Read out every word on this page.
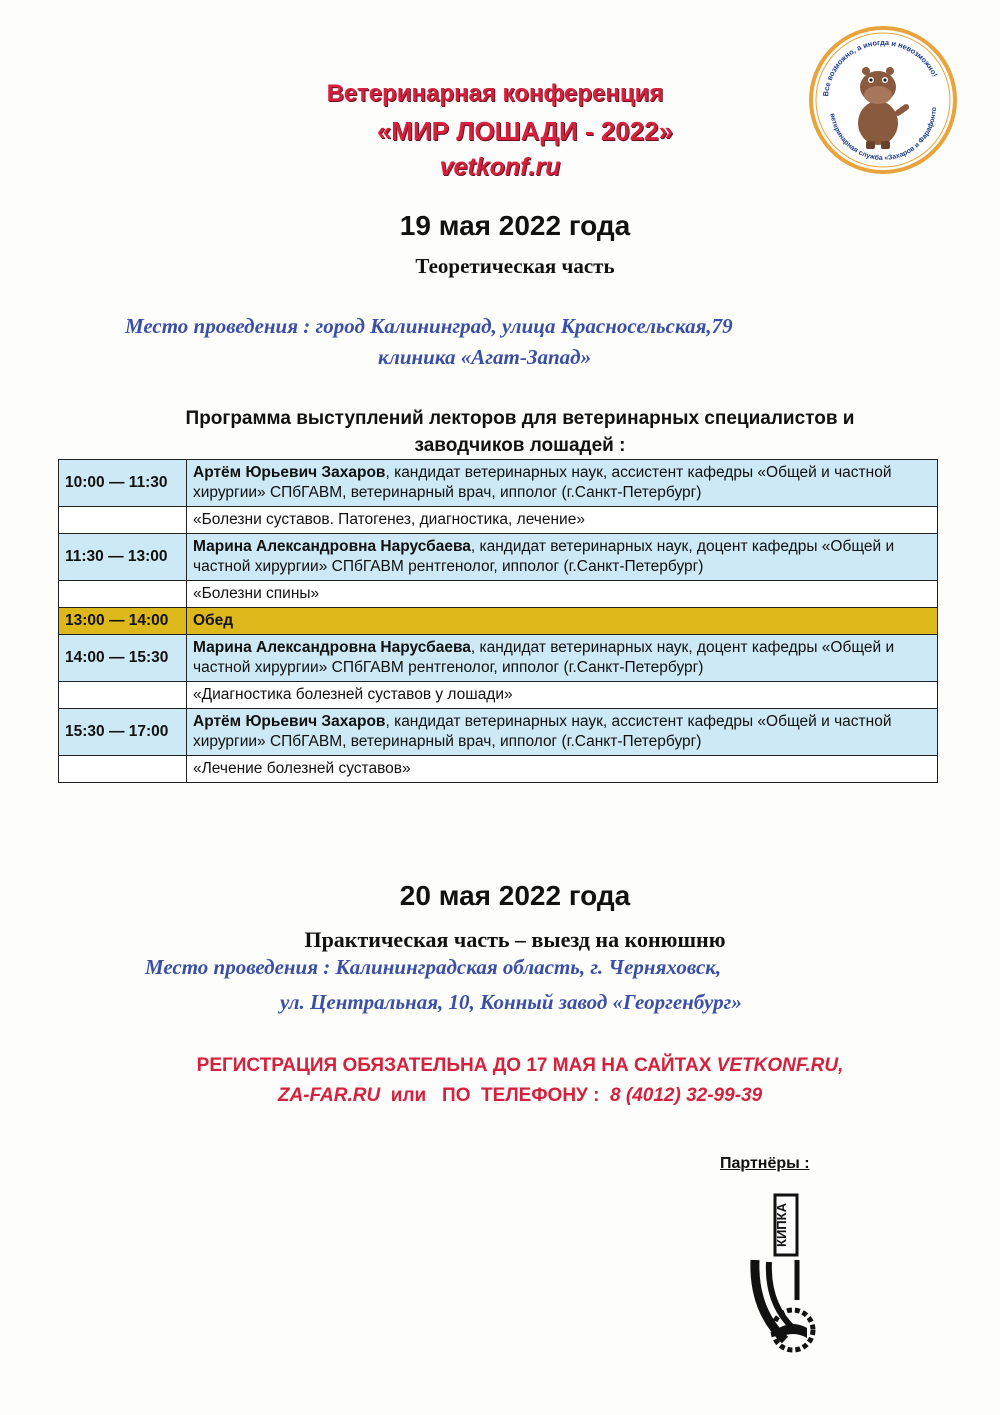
Ветеринарная конференция
«МИР ЛОШАДИ - 2022»
vetkonf.ru
Все возможно, а иногда и невозможно!
ветеринарная служба «Захаров и Фарафонто
19 мая 2022 года
Теоретическая часть
Место проведения : город Калининград, улица Красносельская,79
клиника «Агат-Запад»
Программа выступлений лекторов для ветеринарных специалистов и
заводчиков лошадей :
10:00 — 11:30	Артём Юрьевич Захаров, кандидат ветеринарных наук, ассистент кафедры «Общей и частной хирургии» СПбГАВМ, ветеринарный врач, ипполог (г.Санкт-Петербург)
	«Болезни суставов. Патогенез, диагностика, лечение»
11:30 — 13:00	Марина Александровна Нарусбаева, кандидат ветеринарных наук, доцент кафедры «Общей и частной хирургии» СПбГАВМ рентгенолог, ипполог (г.Санкт-Петербург)
	«Болезни спины»
13:00 — 14:00	Обед
14:00 — 15:30	Марина Александровна Нарусбаева, кандидат ветеринарных наук, доцент кафедры «Общей и частной хирургии» СПбГАВМ рентгенолог, ипполог (г.Санкт-Петербург)
	«Диагностика болезней суставов у лошади»
15:30 — 17:00	Артём Юрьевич Захаров, кандидат ветеринарных наук, ассистент кафедры «Общей и частной хирургии» СПбГАВМ, ветеринарный врач, ипполог (г.Санкт-Петербург)
	«Лечение болезней суставов»
20 мая 2022 года
Практическая часть – выезд на конюшню
Место проведения : Калининградская область, г. Черняховск,
ул. Центральная, 10, Конный завод «Георгенбург»
РЕГИСТРАЦИЯ ОБЯЗАТЕЛЬНА ДО 17 МАЯ НА САЙТАХ VETKONF.RU,
ZA-FAR.RU  или   ПО  ТЕЛЕФОНУ :  8 (4012) 32-99-39
Партнёры :
КИПКА
